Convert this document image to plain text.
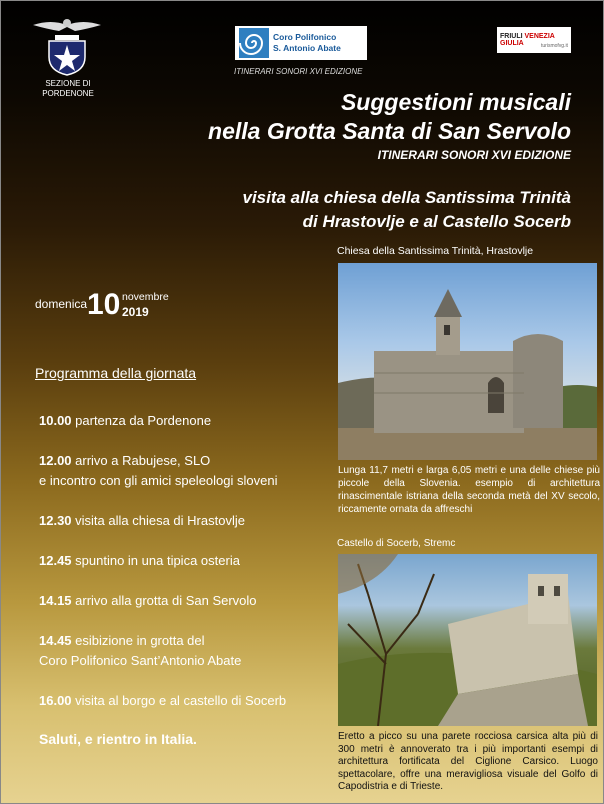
SEZIONE DI
PORDENONE
Coro Polifonico
S. Antonio Abate
ITINERARI SONORI XVI EDIZIONE
FRIULI VENEZIA GIULIA	turismofvg.it
Suggestioni musicali
nella Grotta Santa di San Servolo
ITINERARI SONORI XVI EDIZIONE
visita alla chiesa della Santissima Trinità
di Hrastovlje e al Castello Socerb
domenica 10 novembre
2019
Programma della giornata
10.00 partenza da Pordenone
12.00 arrivo a Rabujese, SLO
e incontro con gli amici speleologi sloveni
12.30 visita alla chiesa di Hrastovlje
12.45 spuntino in una tipica osteria
14.15 arrivo alla grotta di San Servolo
14.45 esibizione in grotta del
Coro Polifonico Sant’Antonio Abate
16.00 visita al borgo e al castello di Socerb
Saluti, e rientro in Italia.
Chiesa della Santissima Trinità, Hrastovlje
Lunga 11,7 metri e larga 6,05 metri e una delle chiese più piccole della Slovenia. esempio di architettura rinascimentale istriana della seconda metà del XV secolo, riccamente ornata da affreschi
Castello di Socerb, Stremc
Eretto a picco su una parete rocciosa carsica alta più di 300 metri è annoverato tra i più importanti esempi di architettura fortificata del Ciglione Carsico. Luogo spettacolare, offre una meravigliosa visuale del Golfo di Capodistria e di Trieste.
